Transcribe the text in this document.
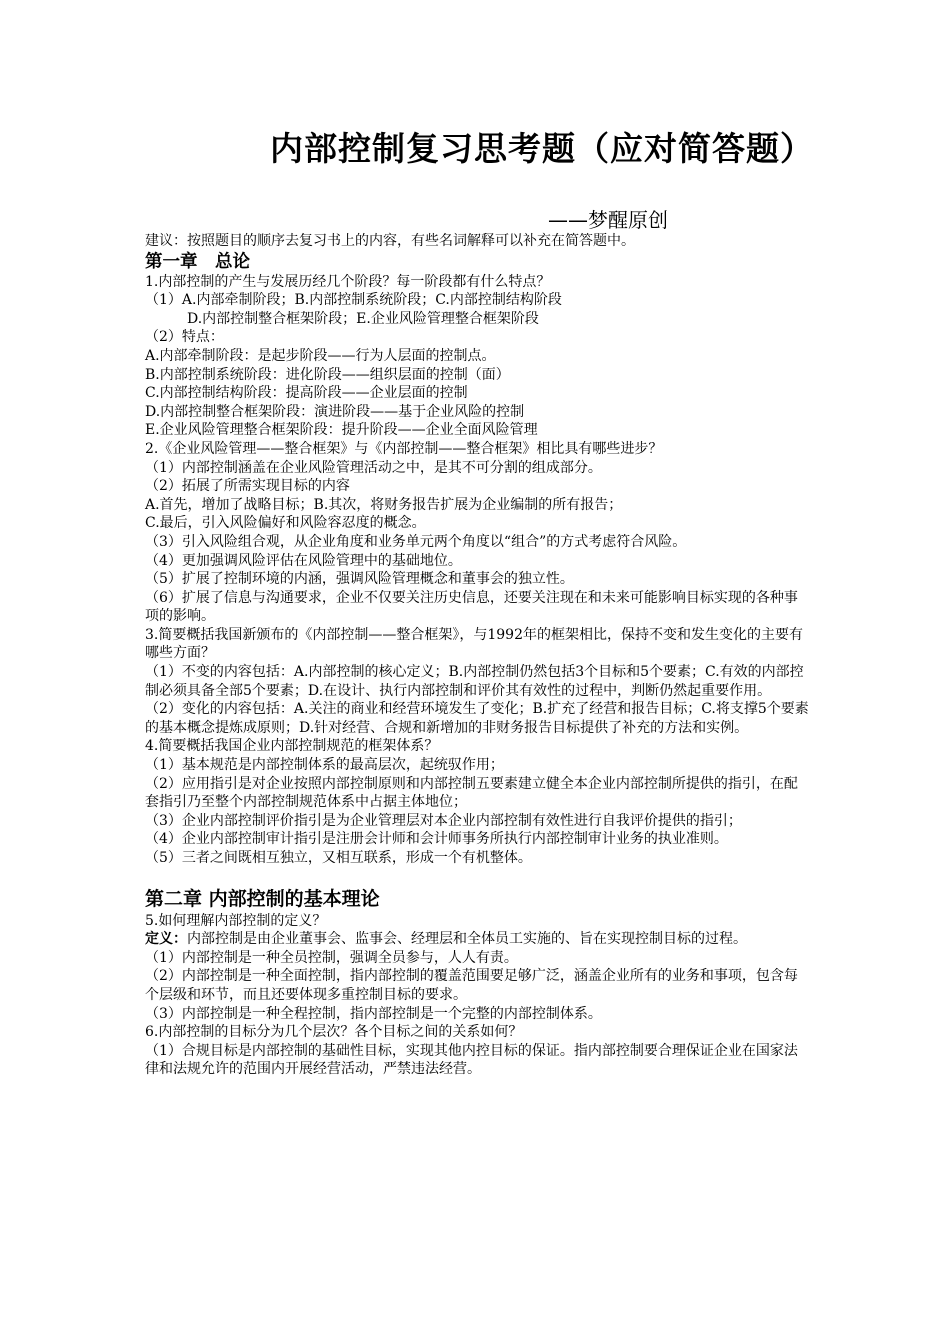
内部控制复习思考题（应对简答题）
——梦醒原创

建议：按照题目的顺序去复习书上的内容，有些名词解释可以补充在简答题中。

第一章　总论

1.内部控制的产生与发展历经几个阶段？每一阶段都有什么特点？

（1）A.内部牵制阶段；B.内部控制系统阶段；C.内部控制结构阶段

D.内部控制整合框架阶段；E.企业风险管理整合框架阶段

（2）特点：

A.内部牵制阶段：是起步阶段——行为人层面的控制点。

B.内部控制系统阶段：进化阶段——组织层面的控制（面）

C.内部控制结构阶段：提高阶段——企业层面的控制

D.内部控制整合框架阶段：演进阶段——基于企业风险的控制

E.企业风险管理整合框架阶段：提升阶段——企业全面风险管理

2.《企业风险管理——整合框架》与《内部控制——整合框架》相比具有哪些进步？

（1）内部控制涵盖在企业风险管理活动之中，是其不可分割的组成部分。

（2）拓展了所需实现目标的内容

A.首先，增加了战略目标；B.其次，将财务报告扩展为企业编制的所有报告；

C.最后，引入风险偏好和风险容忍度的概念。

（3）引入风险组合观，从企业角度和业务单元两个角度以“组合”的方式考虑符合风险。

（4）更加强调风险评估在风险管理中的基础地位。

（5）扩展了控制环境的内涵，强调风险管理概念和董事会的独立性。

（6）扩展了信息与沟通要求，企业不仅要关注历史信息，还要关注现在和未来可能影响目标实现的各种事项的影响。

3.简要概括我国新颁布的《内部控制——整合框架》，与1992年的框架相比，保持不变和发生变化的主要有哪些方面？

（1）不变的内容包括：A.内部控制的核心定义；B.内部控制仍然包括3个目标和5个要素；C.有效的内部控制必须具备全部5个要素；D.在设计、执行内部控制和评价其有效性的过程中，判断仍然起重要作用。

（2）变化的内容包括：A.关注的商业和经营环境发生了变化；B.扩充了经营和报告目标；C.将支撑5个要素的基本概念提炼成原则；D.针对经营、合规和新增加的非财务报告目标提供了补充的方法和实例。

4.简要概括我国企业内部控制规范的框架体系？

（1）基本规范是内部控制体系的最高层次，起统驭作用；

（2）应用指引是对企业按照内部控制原则和内部控制五要素建立健全本企业内部控制所提供的指引，在配套指引乃至整个内部控制规范体系中占据主体地位；

（3）企业内部控制评价指引是为企业管理层对本企业内部控制有效性进行自我评价提供的指引；

（4）企业内部控制审计指引是注册会计师和会计师事务所执行内部控制审计业务的执业准则。

（5）三者之间既相互独立，又相互联系，形成一个有机整体。

第二章 内部控制的基本理论

5.如何理解内部控制的定义？

定义：内部控制是由企业董事会、监事会、经理层和全体员工实施的、旨在实现控制目标的过程。

（1）内部控制是一种全员控制，强调全员参与，人人有责。

（2）内部控制是一种全面控制，指内部控制的覆盖范围要足够广泛，涵盖企业所有的业务和事项，包含每个层级和环节，而且还要体现多重控制目标的要求。

（3）内部控制是一种全程控制，指内部控制是一个完整的内部控制体系。

6.内部控制的目标分为几个层次？各个目标之间的关系如何？

（1）合规目标是内部控制的基础性目标，实现其他内控目标的保证。指内部控制要合理保证企业在国家法律和法规允许的范围内开展经营活动，严禁违法经营。
